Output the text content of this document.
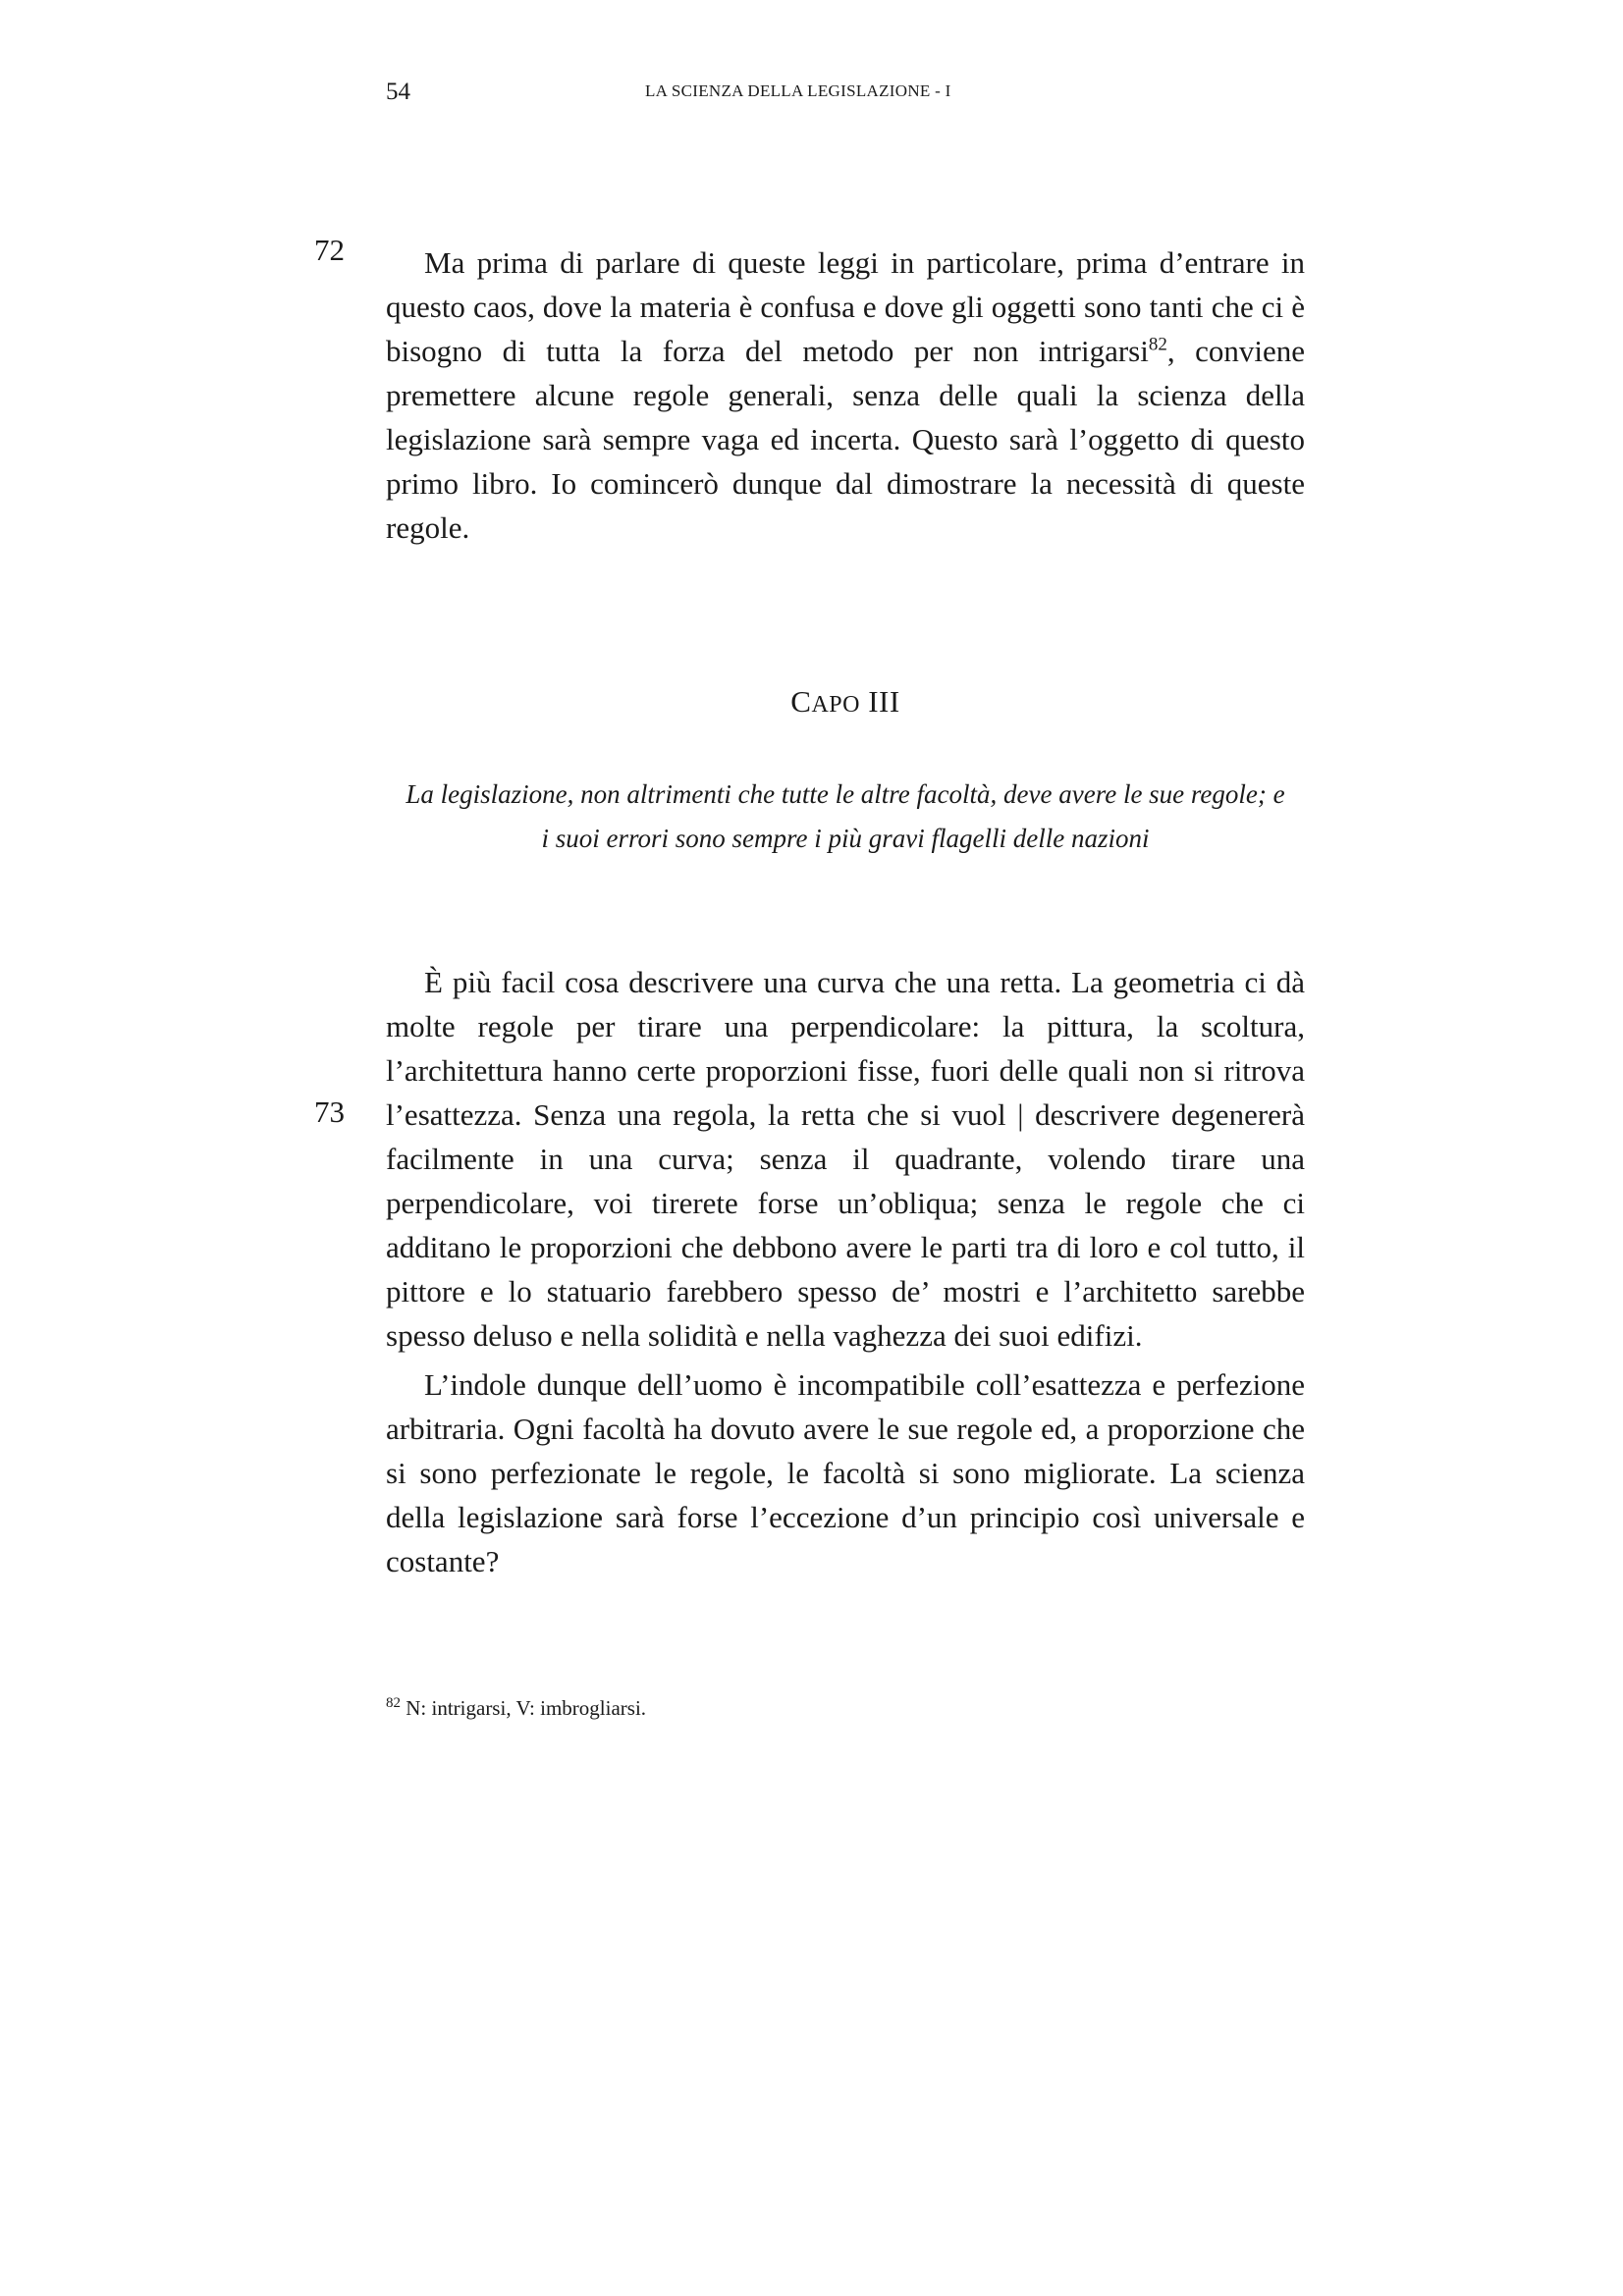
54	LA SCIENZA DELLA LEGISLAZIONE - I
72	Ma prima di parlare di queste leggi in particolare, prima d’entrare in questo caos, dove la materia è confusa e dove gli oggetti sono tanti che ci è bisogno di tutta la forza del metodo per non intrigarsi$^{82}$, conviene premettere alcune regole generali, senza delle quali la scienza della legislazione sarà sempre vaga ed incerta. Questo sarà l’oggetto di questo primo libro. Io comincerò dunque dal dimostrare la necessità di queste regole.

CAPO III
La legislazione, non altrimenti che tutte le altre facoltà, deve avere le sue regole; e
i suoi errori sono sempre i più gravi flagelli delle nazioni
73

È più facil cosa descrivere una curva che una retta. La geometria ci dà molte regole per tirare una perpendicolare: la pittura, la scoltura, l’architettura hanno certe proporzioni fisse, fuori delle quali non si ritrova l’esattezza. Senza una regola, la retta che si vuol | descrivere degenererà facilmente in una curva; senza il quadrante, volendo tirare una perpendicolare, voi tirerete forse un’obliqua; senza le regole che ci additano le proporzioni che debbono avere le parti tra di loro e col tutto, il pittore e lo statuario farebbero spesso de’ mostri e l’architetto sarebbe spesso deluso e nella solidità e nella vaghezza dei suoi edifizi.

L’indole dunque dell’uomo è incompatibile coll’esattezza e perfezione arbitraria. Ogni facoltà ha dovuto avere le sue regole ed, a proporzione che si sono perfezionate le regole, le facoltà si sono migliorate. La scienza della legislazione sarà forse l’eccezione d’un principio così universale e costante?

$^{82}$ N: intrigarsi, V: imbrogliarsi.
